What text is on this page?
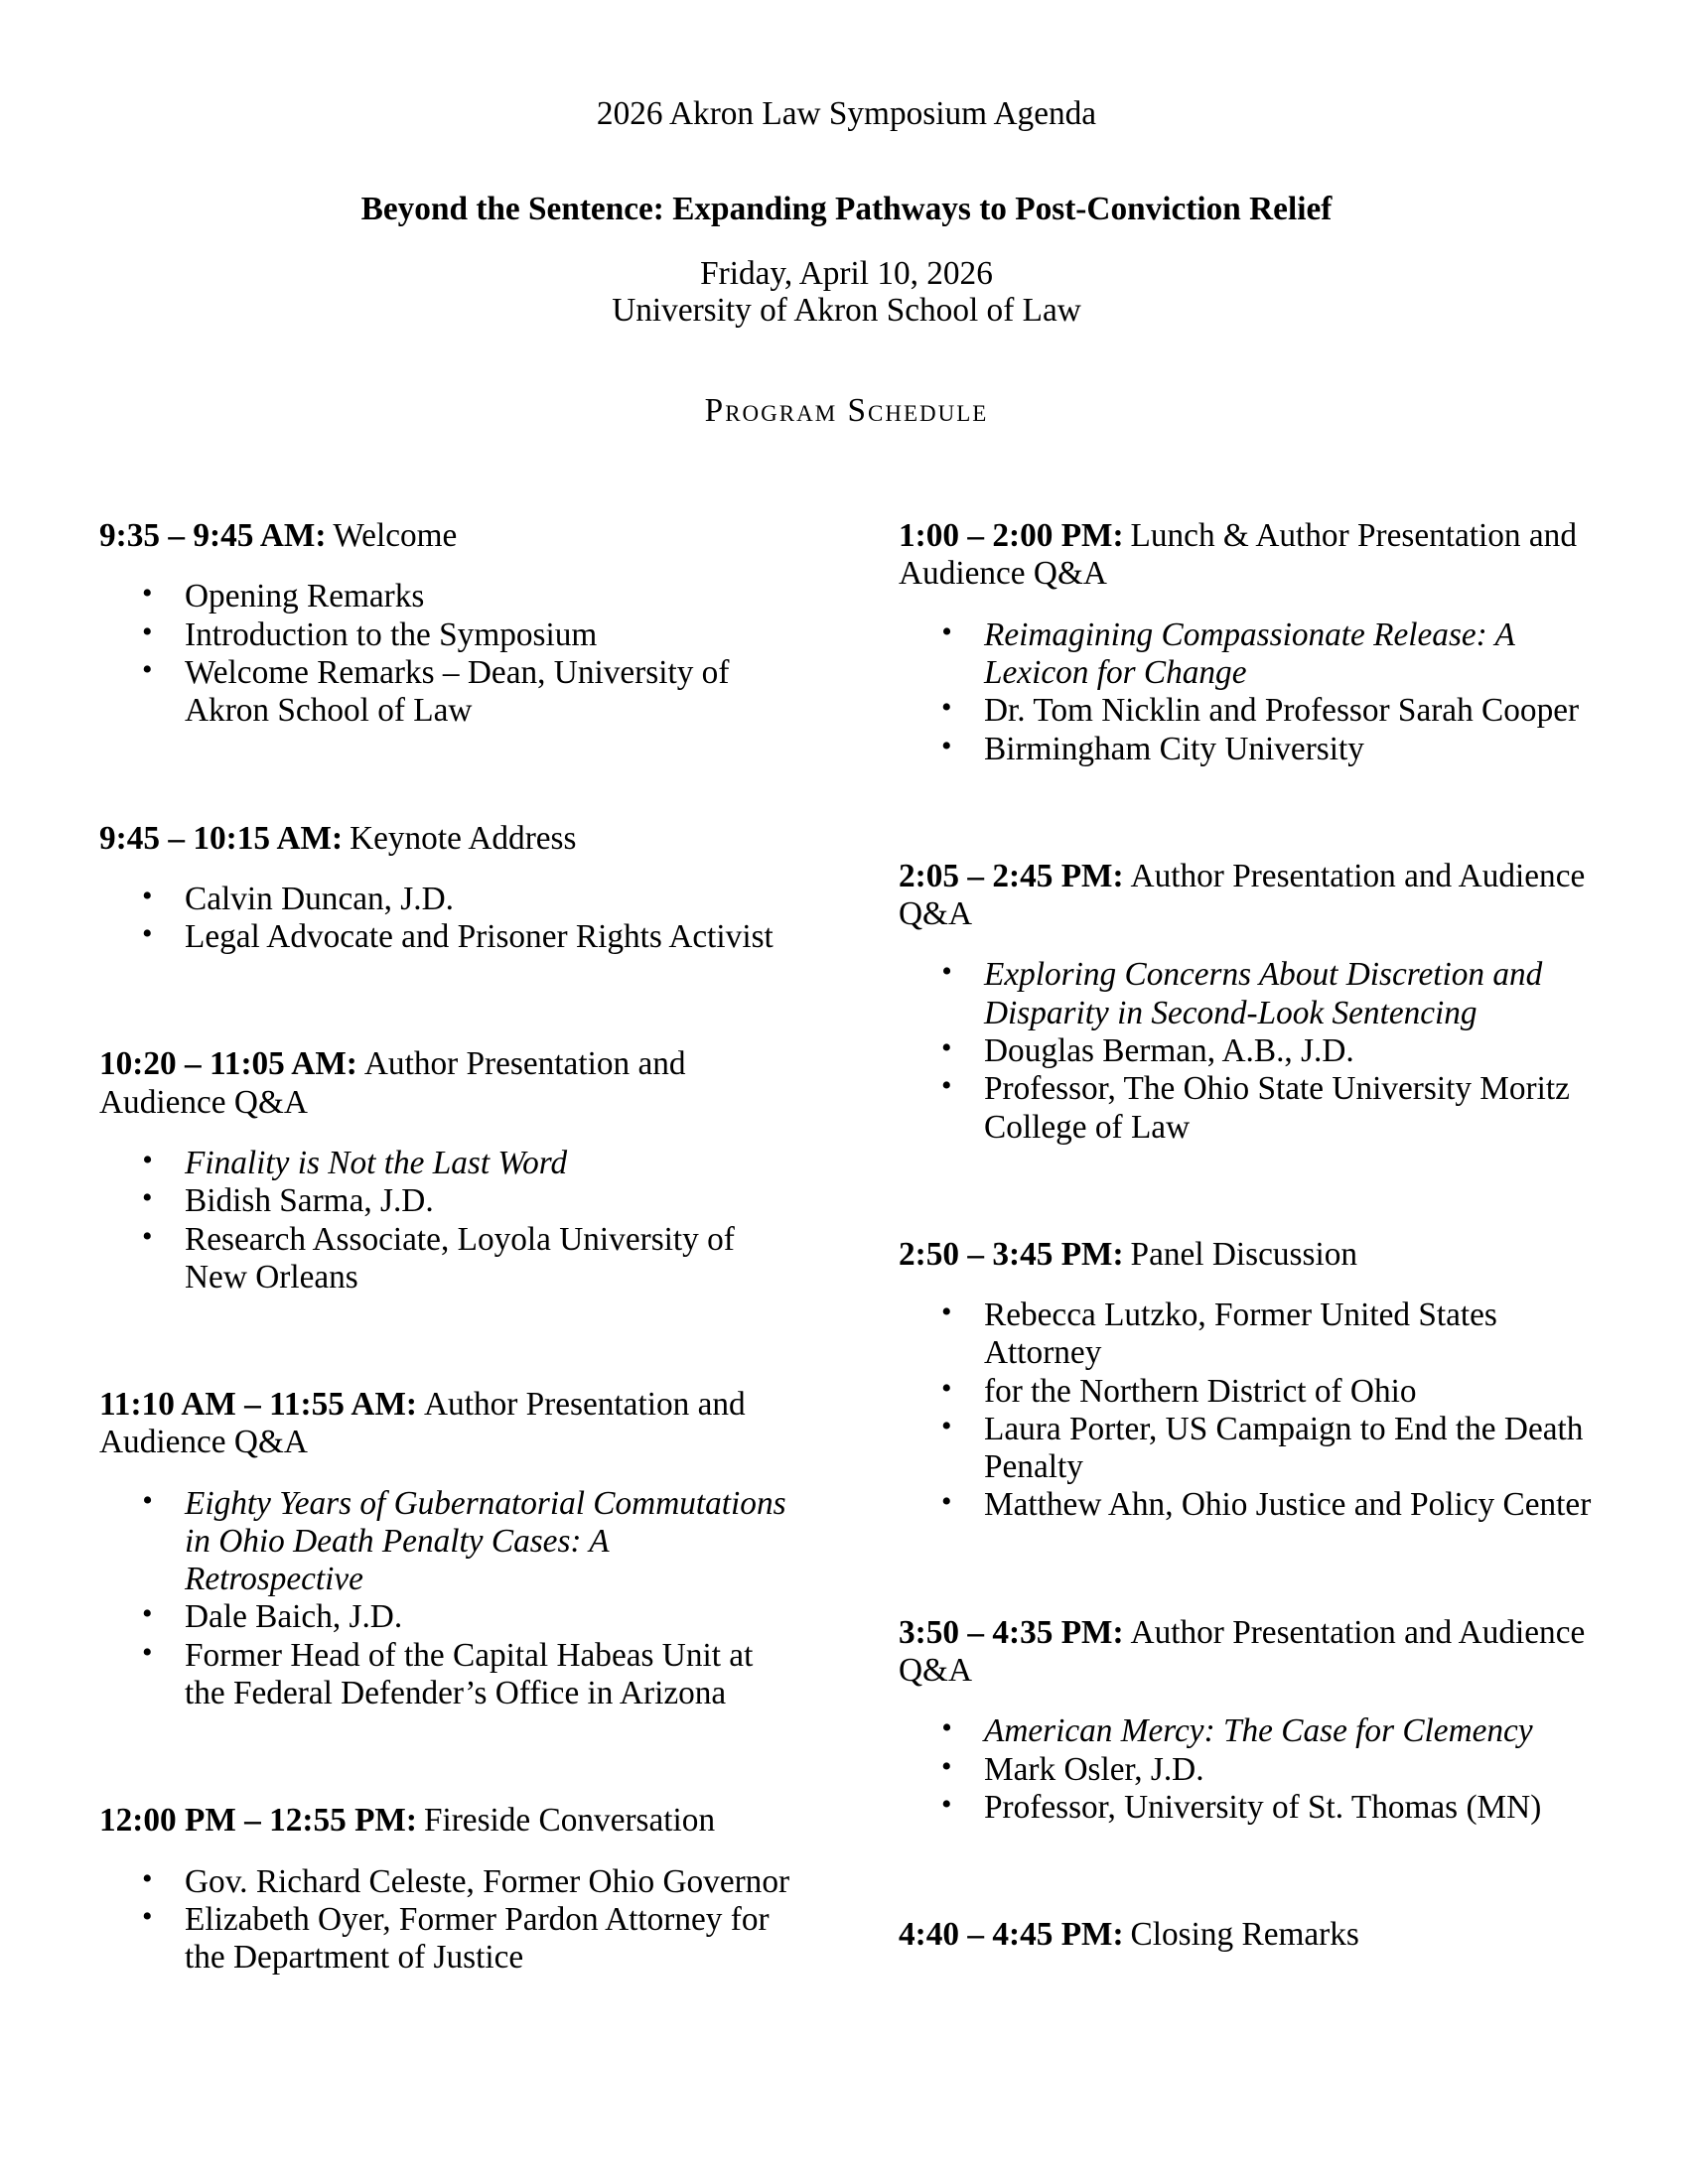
2026 Akron Law Symposium Agenda
Beyond the Sentence: Expanding Pathways to Post-Conviction Relief
Friday, April 10, 2026
University of Akron School of Law
Program Schedule

9:35 – 9:45 AM: Welcome

• Opening Remarks
• Introduction to the Symposium
• Welcome Remarks – Dean, University of Akron School of Law

9:45 – 10:15 AM: Keynote Address

• Calvin Duncan, J.D.
• Legal Advocate and Prisoner Rights Activist

10:20 – 11:05 AM: Author Presentation and Audience Q&A

• Finality is Not the Last Word
• Bidish Sarma, J.D.
• Research Associate, Loyola University of New Orleans

11:10 AM – 11:55 AM: Author Presentation and Audience Q&A

• Eighty Years of Gubernatorial Commutations in Ohio Death Penalty Cases: A Retrospective
• Dale Baich, J.D.
• Former Head of the Capital Habeas Unit at the Federal Defender’s Office in Arizona

12:00 PM – 12:55 PM: Fireside Conversation

• Gov. Richard Celeste, Former Ohio Governor
• Elizabeth Oyer, Former Pardon Attorney for the Department of Justice

1:00 – 2:00 PM: Lunch & Author Presentation and Audience Q&A

• Reimagining Compassionate Release: A Lexicon for Change
• Dr. Tom Nicklin and Professor Sarah Cooper
• Birmingham City University

2:05 – 2:45 PM: Author Presentation and Audience Q&A

• Exploring Concerns About Discretion and Disparity in Second-Look Sentencing
• Douglas Berman, A.B., J.D.
• Professor, The Ohio State University Moritz College of Law

2:50 – 3:45 PM: Panel Discussion

• Rebecca Lutzko, Former United States Attorney
• for the Northern District of Ohio
• Laura Porter, US Campaign to End the Death Penalty
• Matthew Ahn, Ohio Justice and Policy Center

3:50 – 4:35 PM: Author Presentation and Audience Q&A

• American Mercy: The Case for Clemency
• Mark Osler, J.D.
• Professor, University of St. Thomas (MN)

4:40 – 4:45 PM: Closing Remarks
